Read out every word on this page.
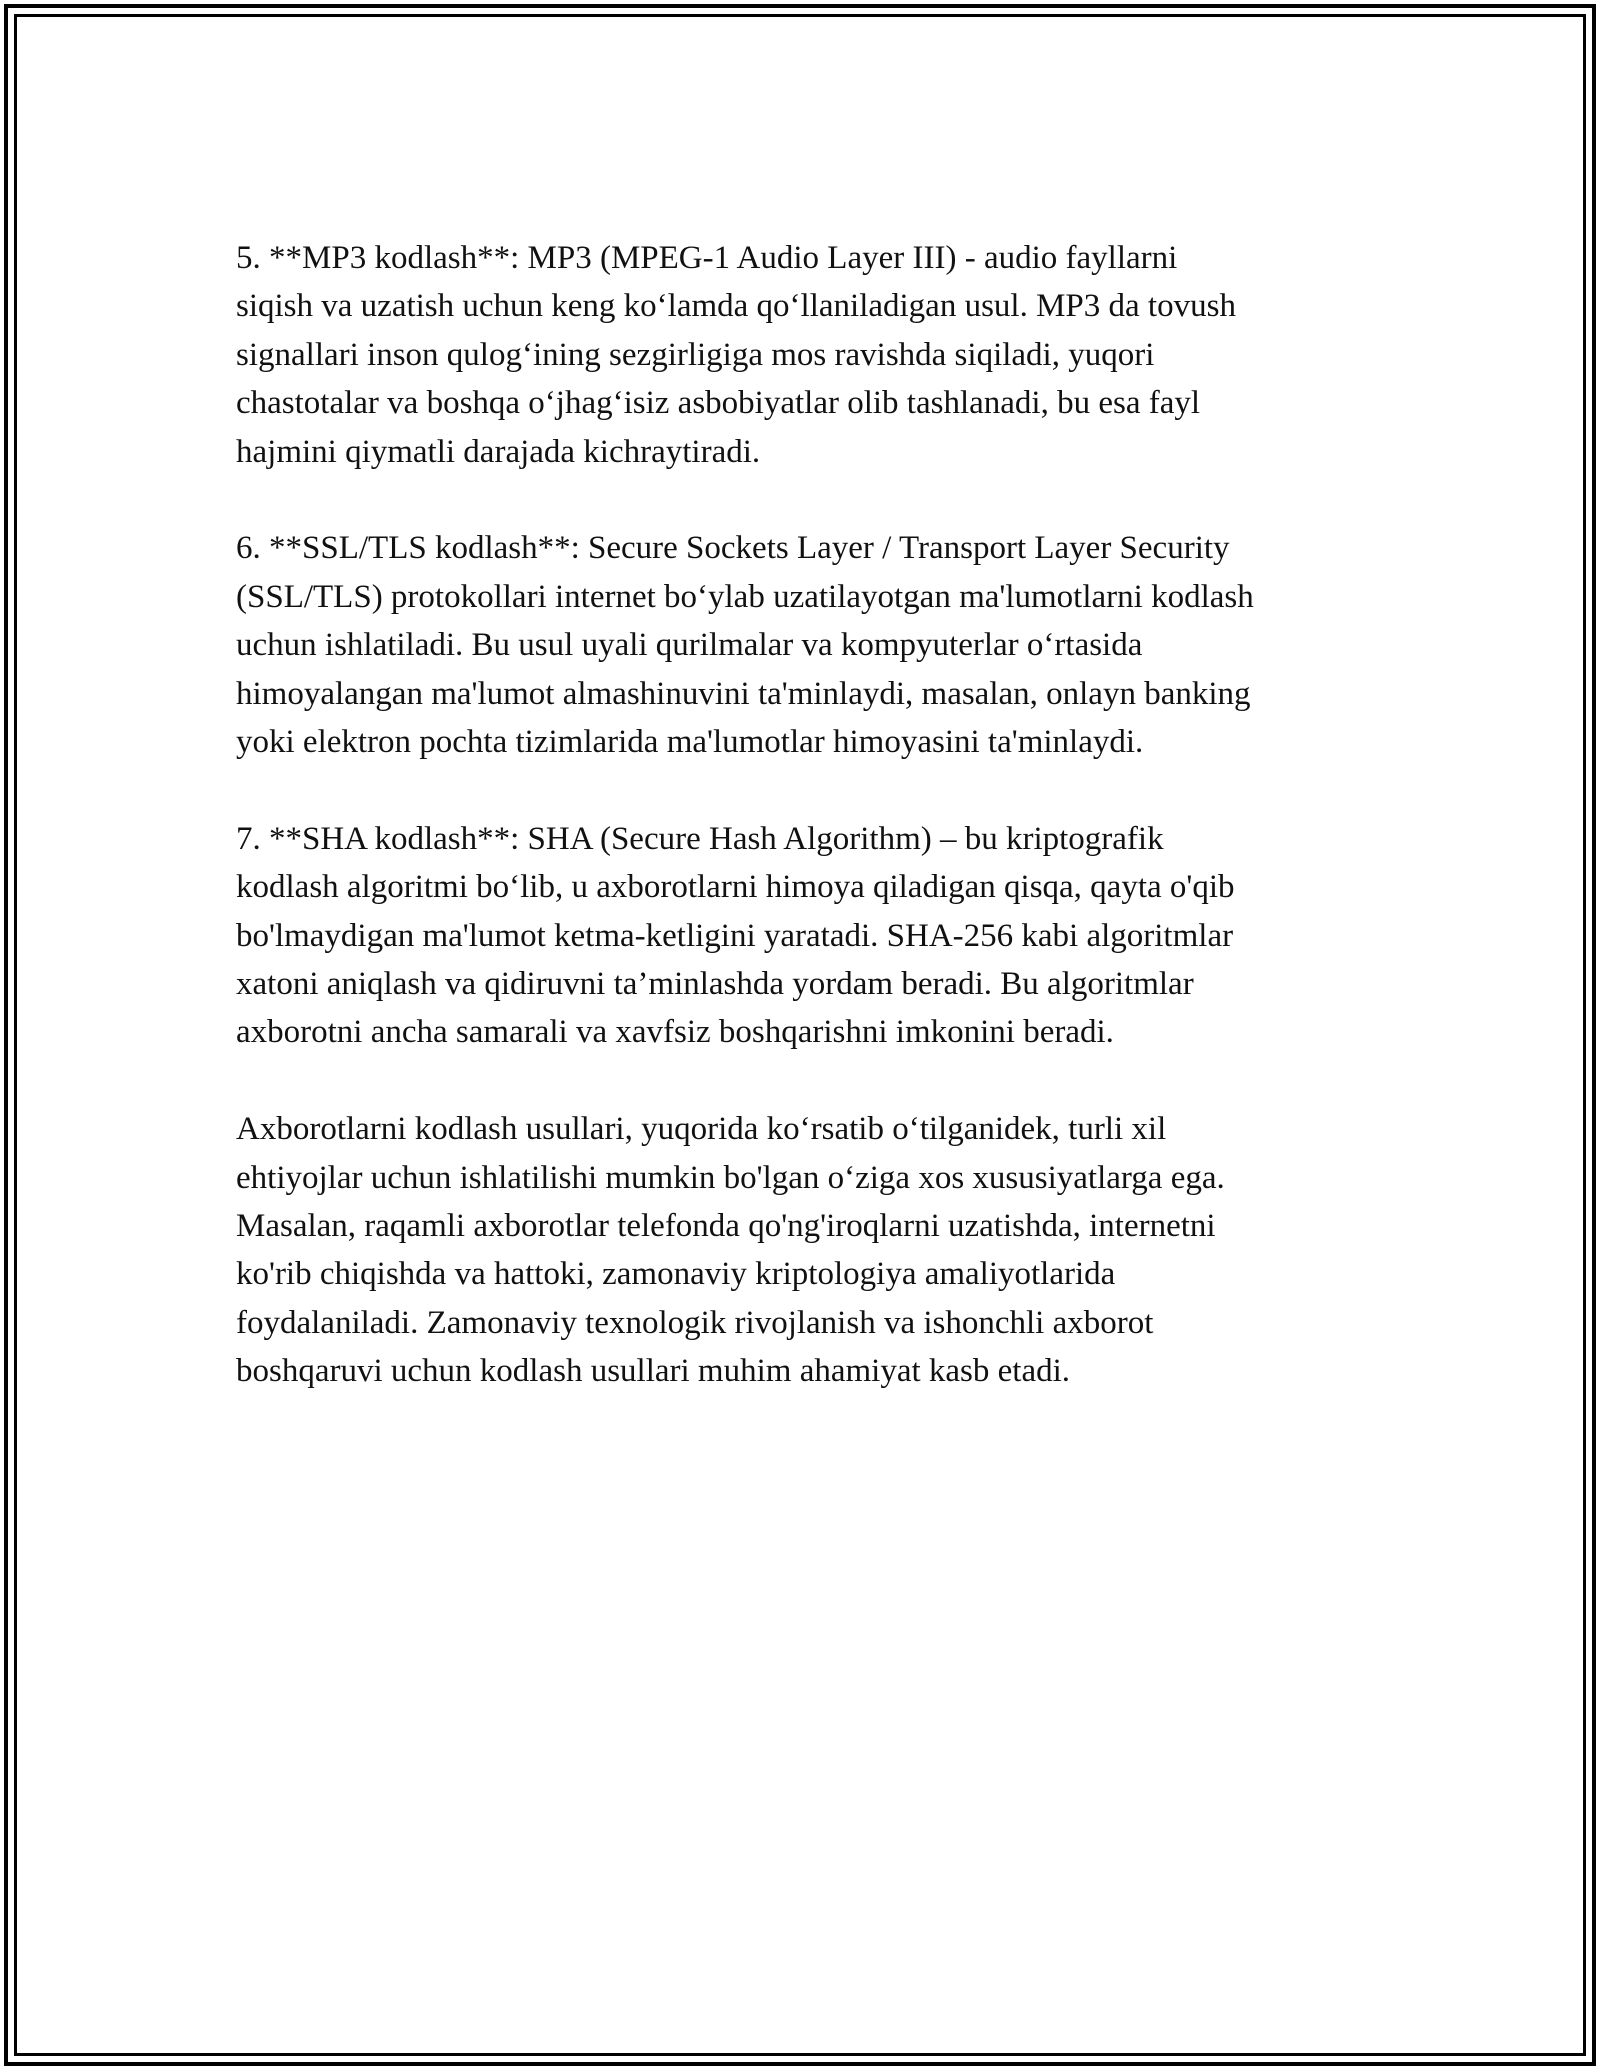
5. **MP3 kodlash**: MP3 (MPEG-1 Audio Layer III) - audio fayllarni
siqish va uzatish uchun keng ko‘lamda qo‘llaniladigan usul. MP3 da tovush
signallari inson qulog‘ining sezgirligiga mos ravishda siqiladi, yuqori
chastotalar va boshqa o‘jhag‘isiz asbobiyatlar olib tashlanadi, bu esa fayl
hajmini qiymatli darajada kichraytiradi.

6. **SSL/TLS kodlash**: Secure Sockets Layer / Transport Layer Security
(SSL/TLS) protokollari internet bo‘ylab uzatilayotgan ma'lumotlarni kodlash
uchun ishlatiladi. Bu usul uyali qurilmalar va kompyuterlar o‘rtasida
himoyalangan ma'lumot almashinuvini ta'minlaydi, masalan, onlayn banking
yoki elektron pochta tizimlarida ma'lumotlar himoyasini ta'minlaydi.

7. **SHA kodlash**: SHA (Secure Hash Algorithm) – bu kriptografik
kodlash algoritmi bo‘lib, u axborotlarni himoya qiladigan qisqa, qayta o'qib
bo'lmaydigan ma'lumot ketma-ketligini yaratadi. SHA-256 kabi algoritmlar
xatoni aniqlash va qidiruvni ta’minlashda yordam beradi. Bu algoritmlar
axborotni ancha samarali va xavfsiz boshqarishni imkonini beradi.

Axborotlarni kodlash usullari, yuqorida ko‘rsatib o‘tilganidek, turli xil
ehtiyojlar uchun ishlatilishi mumkin bo'lgan o‘ziga xos xususiyatlarga ega.
Masalan, raqamli axborotlar telefonda qo'ng'iroqlarni uzatishda, internetni
ko'rib chiqishda va hattoki, zamonaviy kriptologiya amaliyotlarida
foydalaniladi. Zamonaviy texnologik rivojlanish va ishonchli axborot
boshqaruvi uchun kodlash usullari muhim ahamiyat kasb etadi.
